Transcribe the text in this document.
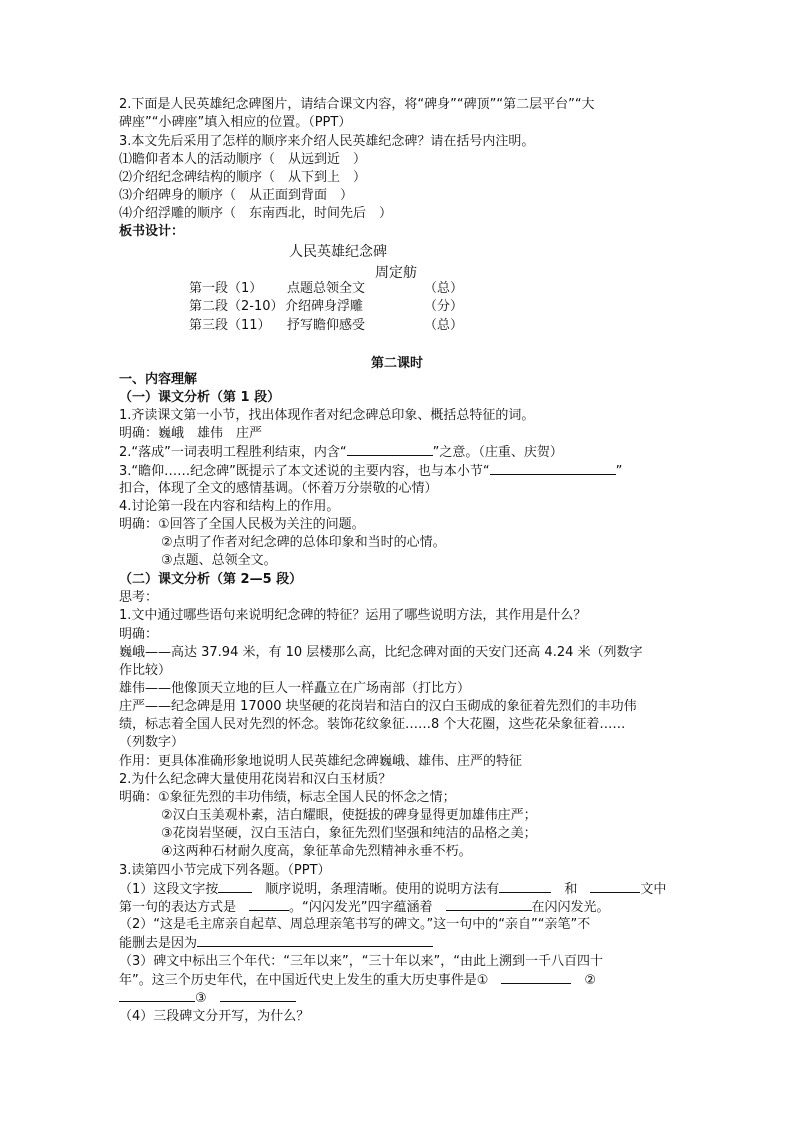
2.下面是人民英雄纪念碑图片，请结合课文内容，将“碑身”“碑顶”“第二层平台”“大
碑座”“小碑座”填入相应的位置。（PPT）
3.本文先后采用了怎样的顺序来介绍人民英雄纪念碑？请在括号内注明。
⑴瞻仰者本人的活动顺序（　从远到近　）
⑵介绍纪念碑结构的顺序（　从下到上　）
⑶介绍碑身的顺序（　从正面到背面　）
⑷介绍浮雕的顺序（　东南西北，时间先后　）
板书设计：
人民英雄纪念碑
周定舫
第一段（1） 点题总领全文	（总）
第二段（2-10） 介绍碑身浮雕	（分）
第三段（11） 抒写瞻仰感受	（总）
第二课时
一、内容理解
（一）课文分析（第 1 段）
1.齐读课文第一小节，找出体现作者对纪念碑总印象、概括总特征的词。
明确：巍峨　雄伟　庄严
2.“落成”一词表明工程胜利结束，内含“	”之意。（庄重、庆贺）
3.“瞻仰……纪念碑”既提示了本文述说的主要内容，也与本小节“	”
扣合，体现了全文的感情基调。（怀着万分崇敬的心情）
4.讨论第一段在内容和结构上的作用。
明确：①回答了全国人民极为关注的问题。
②点明了作者对纪念碑的总体印象和当时的心情。
③点题、总领全文。
（二）课文分析（第 2—5 段）
思考：
1.文中通过哪些语句来说明纪念碑的特征？运用了哪些说明方法，其作用是什么？
明确：
巍峨——高达 37.94 米，有 10 层楼那么高，比纪念碑对面的天安门还高 4.24 米（列数字
作比较）
雄伟——他像顶天立地的巨人一样矗立在广场南部（打比方）
庄严——纪念碑是用 17000 块坚硬的花岗岩和洁白的汉白玉砌成的象征着先烈们的丰功伟
绩，标志着全国人民对先烈的怀念。装饰花纹象征……8 个大花圈，这些花朵象征着……
（列数字）
作用：更具体准确形象地说明人民英雄纪念碑巍峨、雄伟、庄严的特征
2.为什么纪念碑大量使用花岗岩和汉白玉材质？
明确：①象征先烈的丰功伟绩，标志全国人民的怀念之情；
②汉白玉美观朴素，洁白耀眼，使挺拔的碑身显得更加雄伟庄严；
③花岗岩坚硬，汉白玉洁白，象征先烈们坚强和纯洁的品格之美；
④这两种石材耐久度高，象征革命先烈精神永垂不朽。
3.读第四小节完成下列各题。（PPT）
（1）这段文字按　	顺序说明，条理清晰。使用的说明方法有　	和　	文中
第一句的表达方式是　	。“闪闪发光”四字蕴涵着　	在闪闪发光。
（2）“这是毛主席亲自起草、周总理亲笔书写的碑文。”这一句中的“亲自”“亲笔”不
能删去是因为
（3）碑文中标出三个年代：“三年以来”，“三十年以来”，“由此上溯到一千八百四十
年”。这三个历史年代，在中国近代史上发生的重大历史事件是①　　	②
③　
（4）三段碑文分开写，为什么？
